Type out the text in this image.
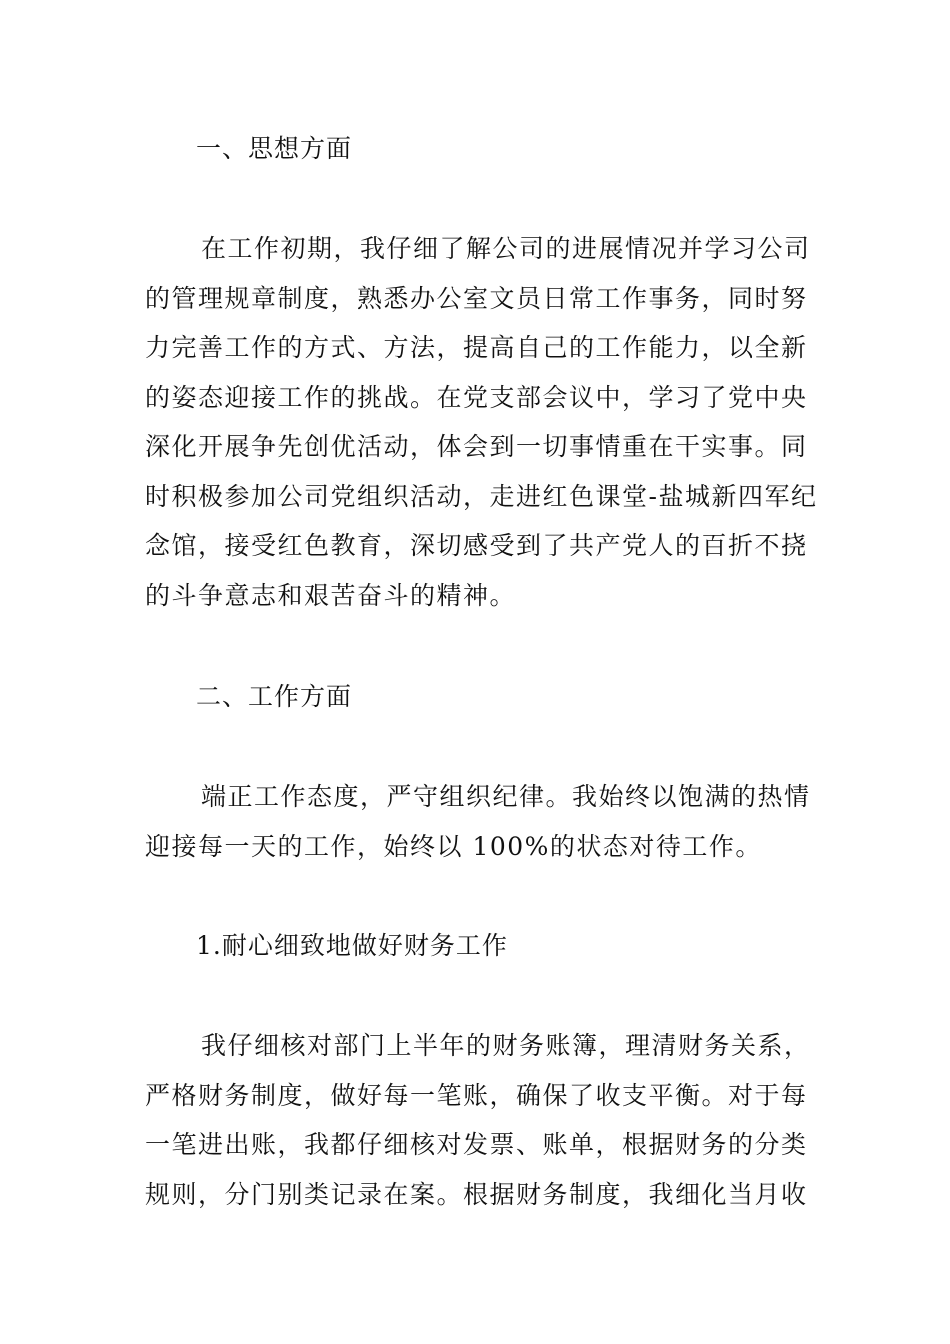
一、思想方面
在工作初期，我仔细了解公司的进展情况并学习公司
的管理规章制度，熟悉办公室文员日常工作事务，同时努
力完善工作的方式、方法，提高自己的工作能力，以全新
的姿态迎接工作的挑战。在党支部会议中，学习了党中央
深化开展争先创优活动，体会到一切事情重在干实事。同
时积极参加公司党组织活动，走进红色课堂-盐城新四军纪
念馆，接受红色教育，深切感受到了共产党人的百折不挠
的斗争意志和艰苦奋斗的精神。
二、工作方面
端正工作态度，严守组织纪律。我始终以饱满的热情
迎接每一天的工作，始终以 100%的状态对待工作。
1.耐心细致地做好财务工作
我仔细核对部门上半年的财务账簿，理清财务关系，
严格财务制度，做好每一笔账，确保了收支平衡。对于每
一笔进出账，我都仔细核对发票、账单，根据财务的分类
规则，分门别类记录在案。根据财务制度，我细化当月收
